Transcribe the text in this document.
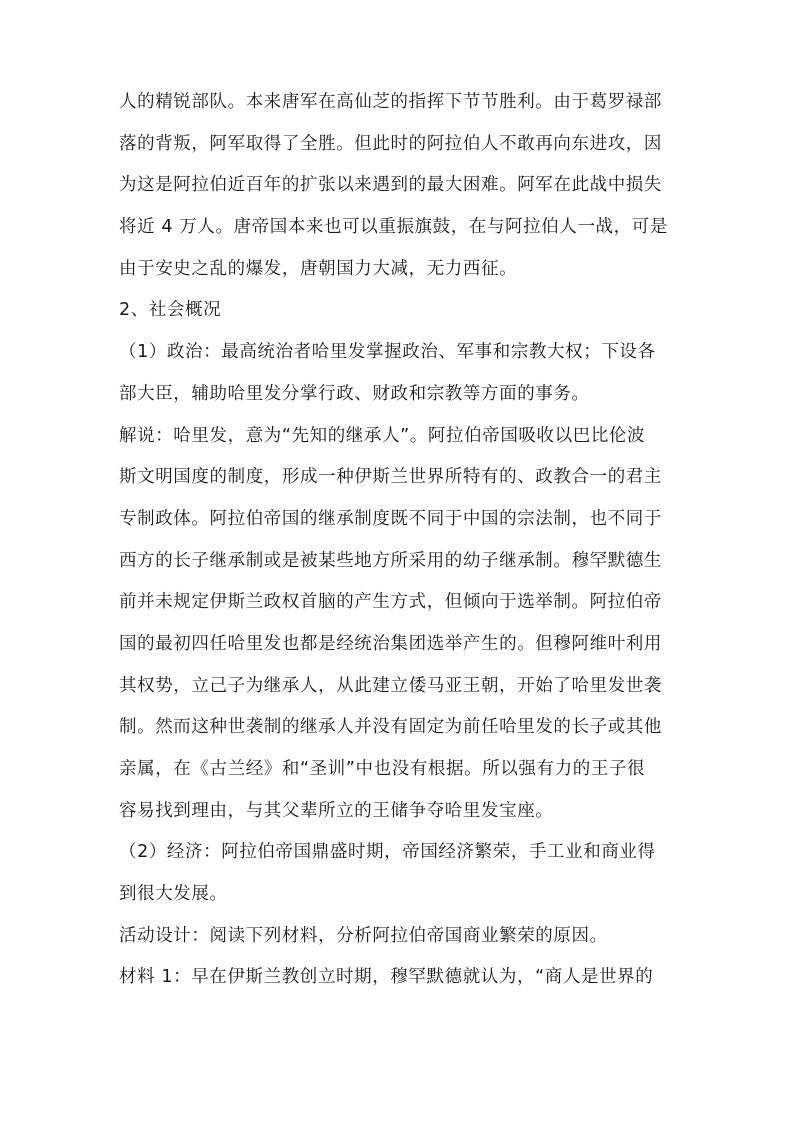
人的精锐部队。本来唐军在高仙芝的指挥下节节胜利。由于葛罗禄部
落的背叛，阿军取得了全胜。但此时的阿拉伯人不敢再向东进攻，因
为这是阿拉伯近百年的扩张以来遇到的最大困难。阿军在此战中损失
将近 4 万人。唐帝国本来也可以重振旗鼓，在与阿拉伯人一战，可是
由于安史之乱的爆发，唐朝国力大减，无力西征。
2、社会概况
（1）政治：最高统治者哈里发掌握政治、军事和宗教大权；下设各
部大臣，辅助哈里发分掌行政、财政和宗教等方面的事务。
解说：哈里发，意为“先知的继承人”。阿拉伯帝国吸收以巴比伦波
斯文明国度的制度，形成一种伊斯兰世界所特有的、政教合一的君主
专制政体。阿拉伯帝国的继承制度既不同于中国的宗法制，也不同于
西方的长子继承制或是被某些地方所采用的幼子继承制。穆罕默德生
前并未规定伊斯兰政权首脑的产生方式，但倾向于选举制。阿拉伯帝
国的最初四任哈里发也都是经统治集团选举产生的。但穆阿维叶利用
其权势，立己子为继承人，从此建立倭马亚王朝，开始了哈里发世袭
制。然而这种世袭制的继承人并没有固定为前任哈里发的长子或其他
亲属，在《古兰经》和“圣训”中也没有根据。所以强有力的王子很
容易找到理由，与其父辈所立的王储争夺哈里发宝座。
（2）经济：阿拉伯帝国鼎盛时期，帝国经济繁荣，手工业和商业得
到很大发展。
活动设计：阅读下列材料，分析阿拉伯帝国商业繁荣的原因。
材料 1：早在伊斯兰教创立时期，穆罕默德就认为，“商人是世界的
